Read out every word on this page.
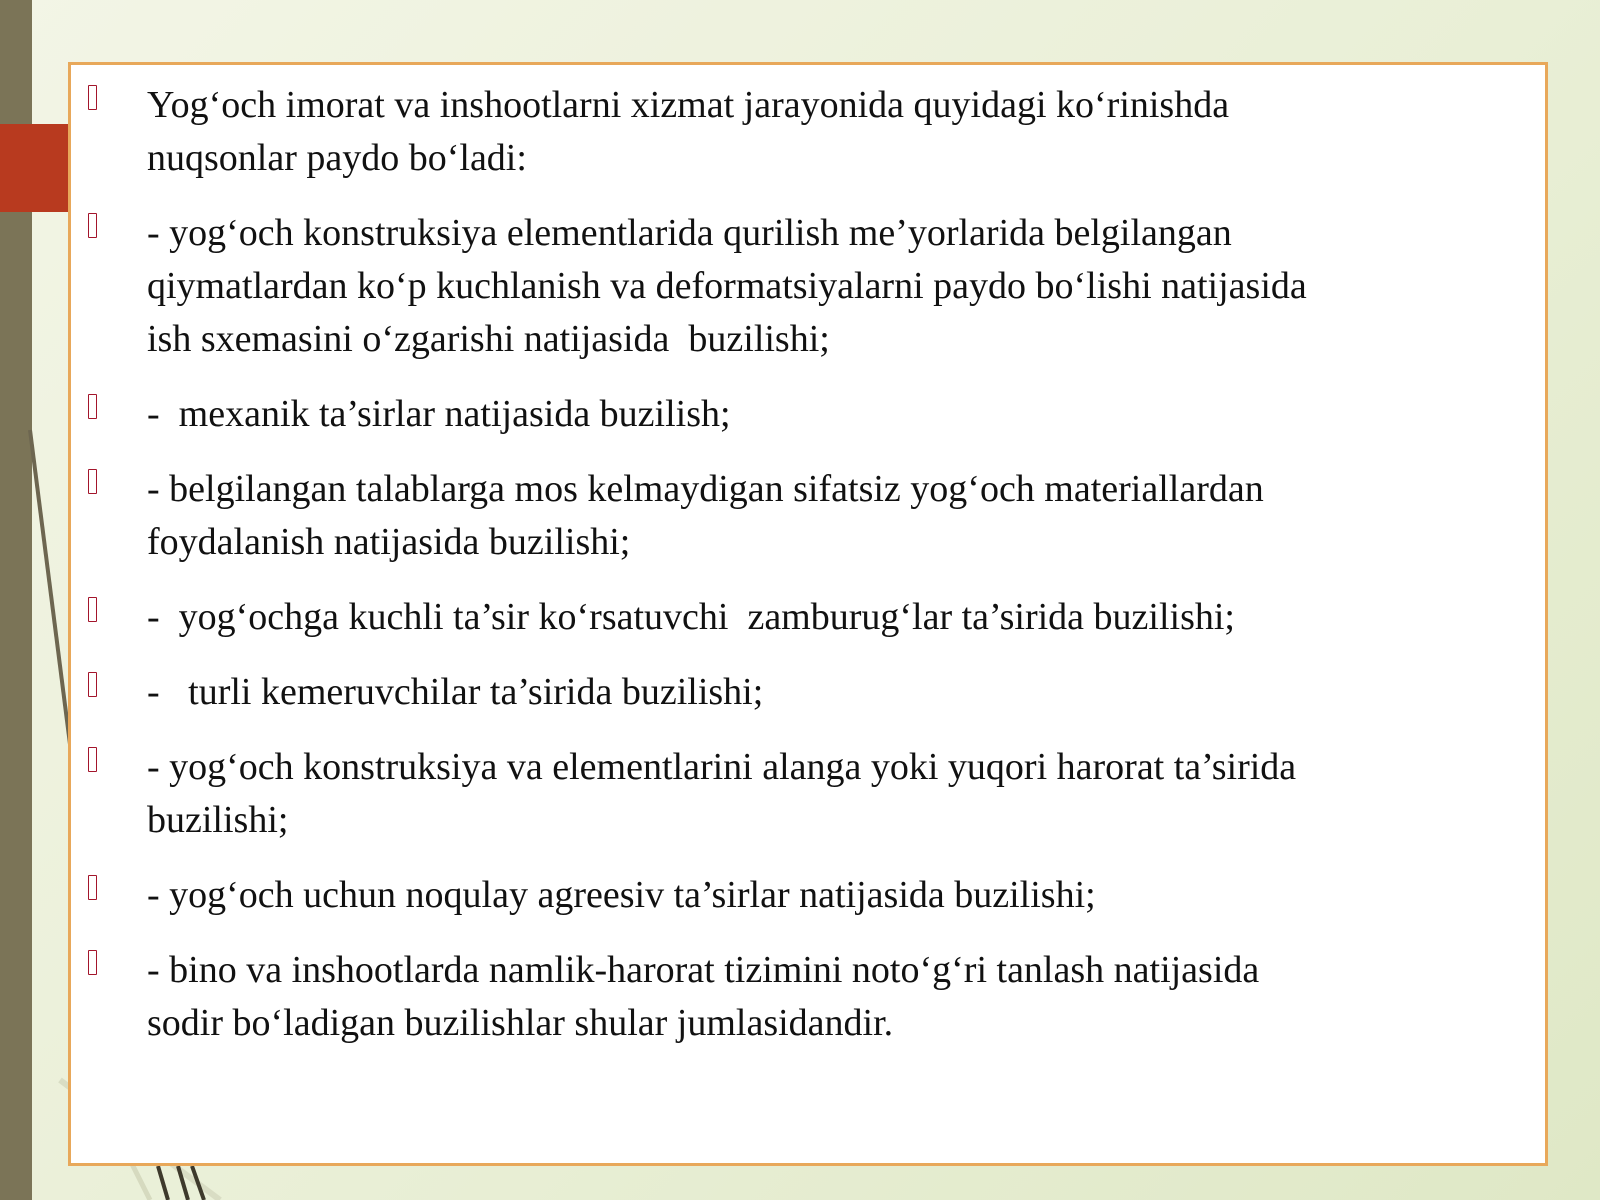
Yog‘och imorat va inshootlarni xizmat jarayonida quyidagi ko‘rinishda
nuqsonlar paydo bo‘ladi:
- yog‘och konstruksiya elementlarida qurilish me’yorlarida belgilangan
qiymatlardan ko‘p kuchlanish va deformatsiyalarni paydo bo‘lishi natijasida
ish sxemasini o‘zgarishi natijasida  buzilishi;
-  mexanik ta’sirlar natijasida buzilish;
- belgilangan talablarga mos kelmaydigan sifatsiz yog‘och materiallardan
foydalanish natijasida buzilishi;
-  yog‘ochga kuchli ta’sir ko‘rsatuvchi  zamburug‘lar ta’sirida buzilishi;
-   turli kemeruvchilar ta’sirida buzilishi;
- yog‘och konstruksiya va elementlarini alanga yoki yuqori harorat ta’sirida
buzilishi;
- yog‘och uchun noqulay agreesiv ta’sirlar natijasida buzilishi;
- bino va inshootlarda namlik-harorat tizimini noto‘g‘ri tanlash natijasida
sodir bo‘ladigan buzilishlar shular jumlasidandir.
